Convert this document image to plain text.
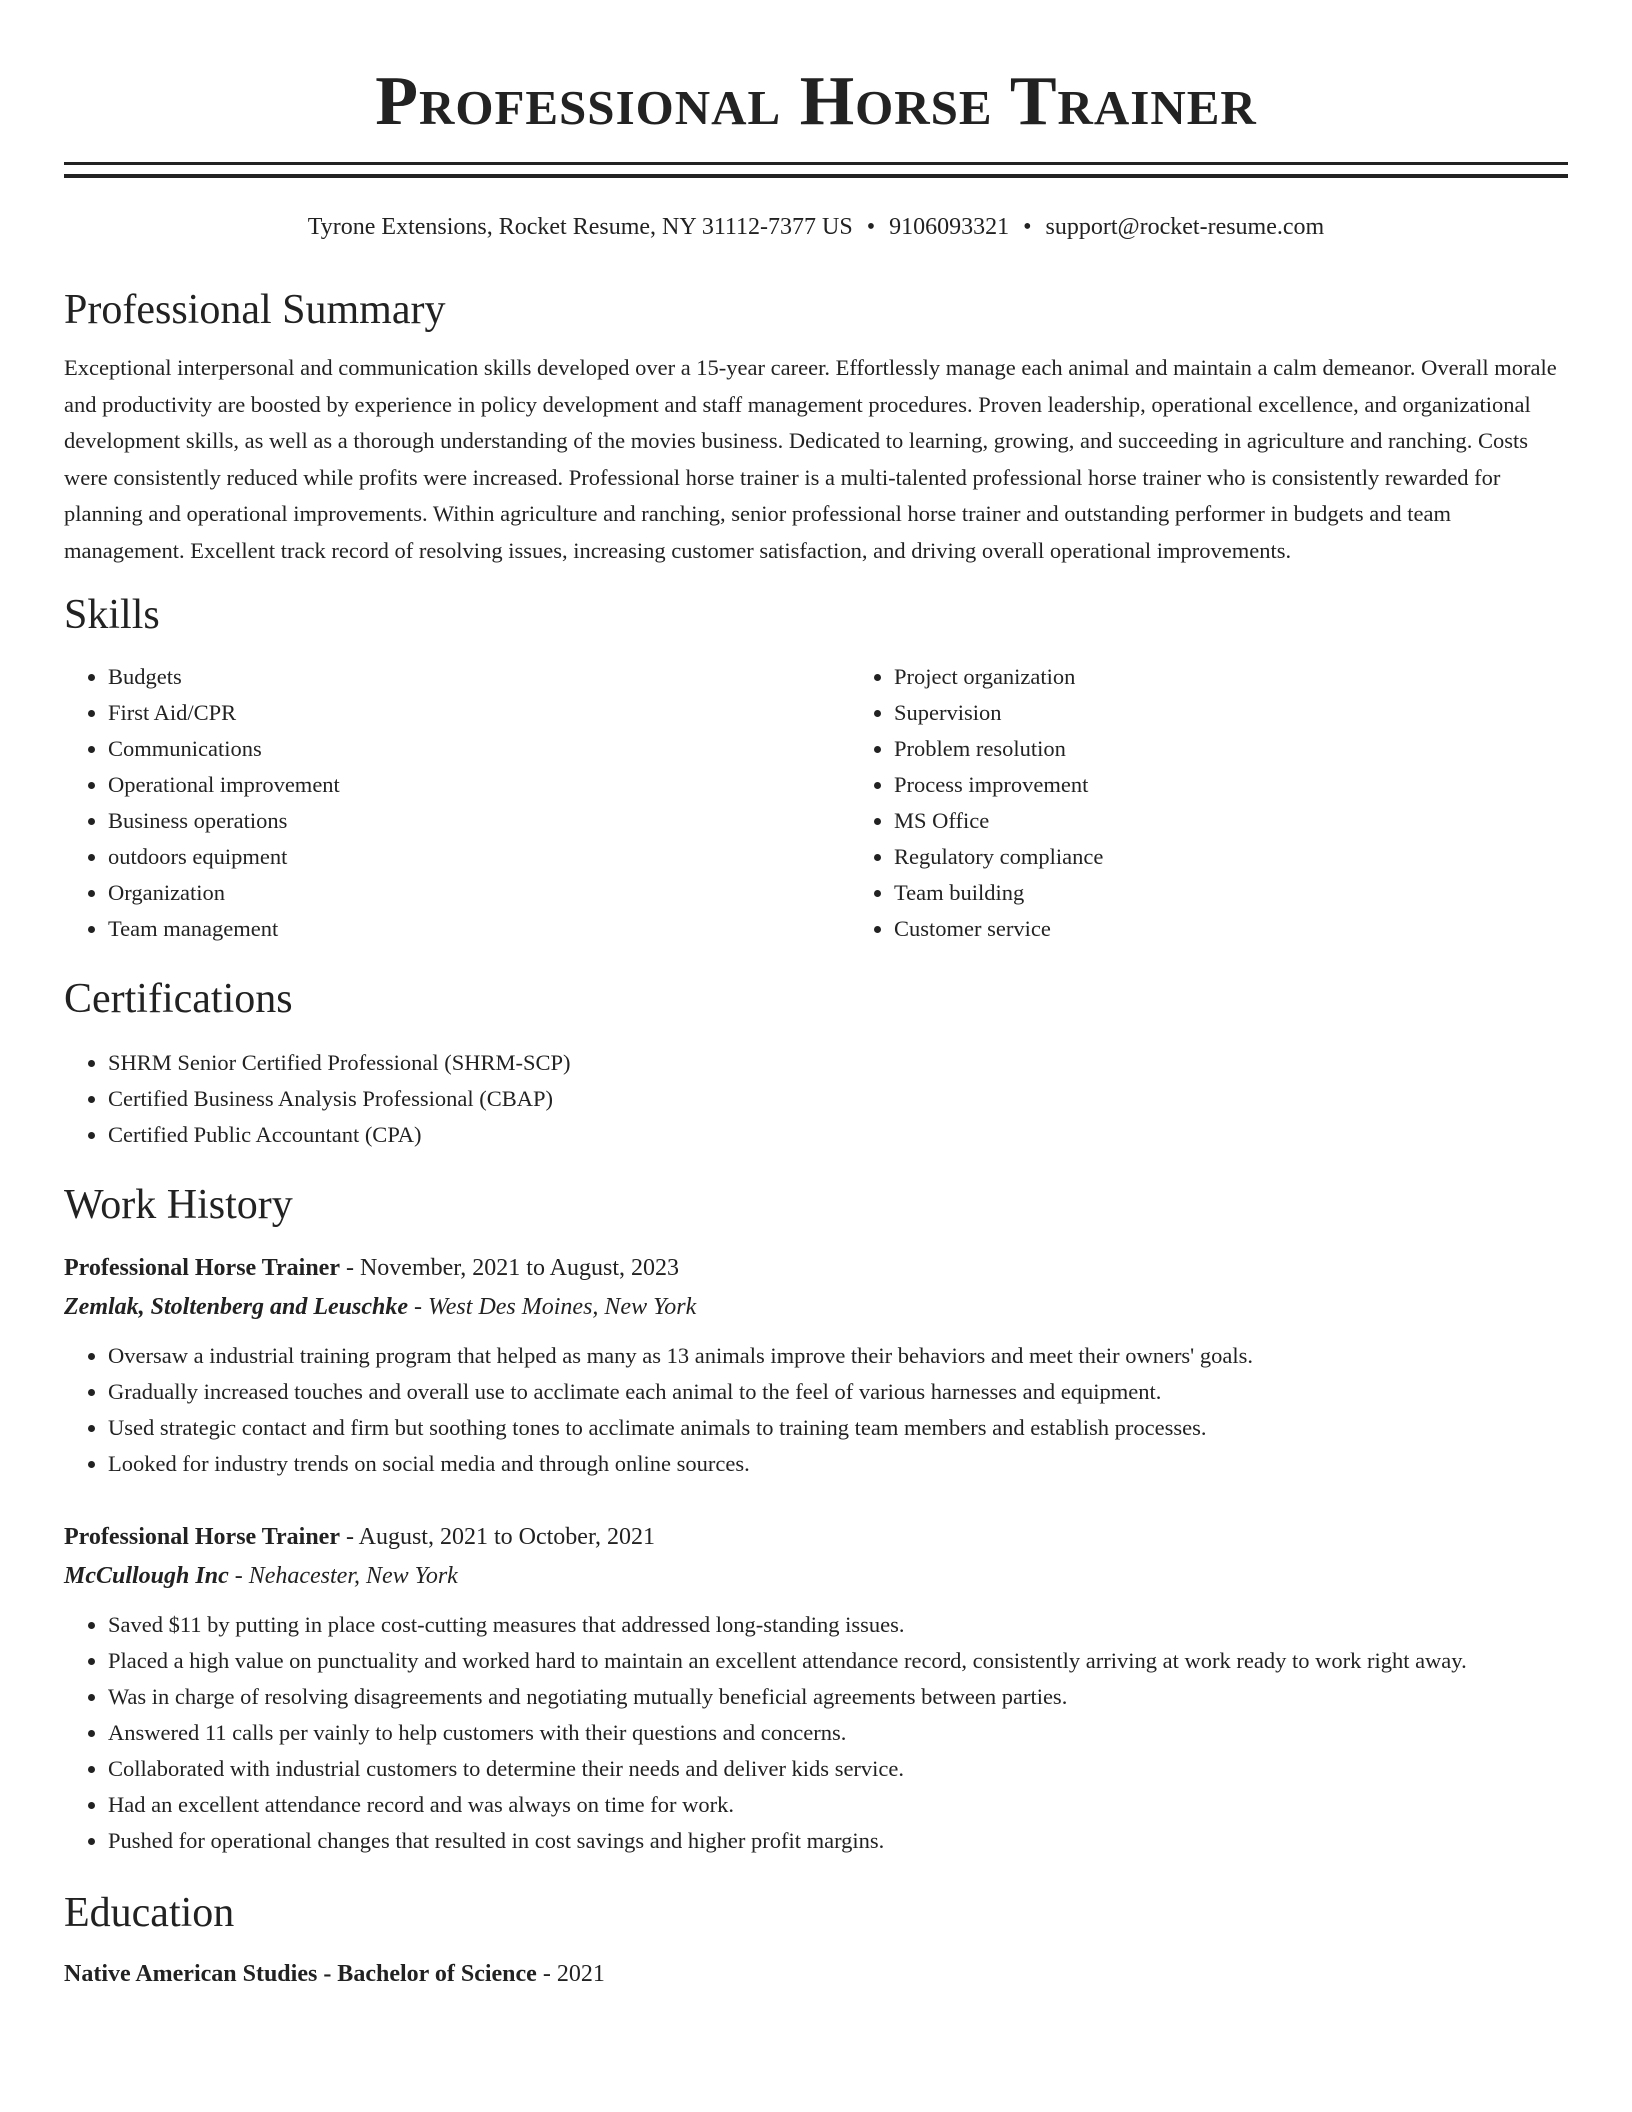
Professional Horse Trainer
Tyrone Extensions, Rocket Resume, NY 31112-7377 US • 9106093321 • support@rocket-resume.com
Professional Summary
Exceptional interpersonal and communication skills developed over a 15-year career. Effortlessly manage each animal and maintain a calm demeanor. Overall morale and productivity are boosted by experience in policy development and staff management procedures. Proven leadership, operational excellence, and organizational development skills, as well as a thorough understanding of the movies business. Dedicated to learning, growing, and succeeding in agriculture and ranching. Costs were consistently reduced while profits were increased. Professional horse trainer is a multi-talented professional horse trainer who is consistently rewarded for planning and operational improvements. Within agriculture and ranching, senior professional horse trainer and outstanding performer in budgets and team management. Excellent track record of resolving issues, increasing customer satisfaction, and driving overall operational improvements.
Skills
• Budgets
• First Aid/CPR
• Communications
• Operational improvement
• Business operations
• outdoors equipment
• Organization
• Team management
• Project organization
• Supervision
• Problem resolution
• Process improvement
• MS Office
• Regulatory compliance
• Team building
• Customer service
Certifications
• SHRM Senior Certified Professional (SHRM-SCP)
• Certified Business Analysis Professional (CBAP)
• Certified Public Accountant (CPA)
Work History
Professional Horse Trainer - November, 2021 to August, 2023
Zemlak, Stoltenberg and Leuschke - West Des Moines, New York
• Oversaw a industrial training program that helped as many as 13 animals improve their behaviors and meet their owners' goals.
• Gradually increased touches and overall use to acclimate each animal to the feel of various harnesses and equipment.
• Used strategic contact and firm but soothing tones to acclimate animals to training team members and establish processes.
• Looked for industry trends on social media and through online sources.
Professional Horse Trainer - August, 2021 to October, 2021
McCullough Inc - Nehacester, New York
• Saved $11 by putting in place cost-cutting measures that addressed long-standing issues.
• Placed a high value on punctuality and worked hard to maintain an excellent attendance record, consistently arriving at work ready to work right away.
• Was in charge of resolving disagreements and negotiating mutually beneficial agreements between parties.
• Answered 11 calls per vainly to help customers with their questions and concerns.
• Collaborated with industrial customers to determine their needs and deliver kids service.
• Had an excellent attendance record and was always on time for work.
• Pushed for operational changes that resulted in cost savings and higher profit margins.
Education
Native American Studies - Bachelor of Science - 2021
